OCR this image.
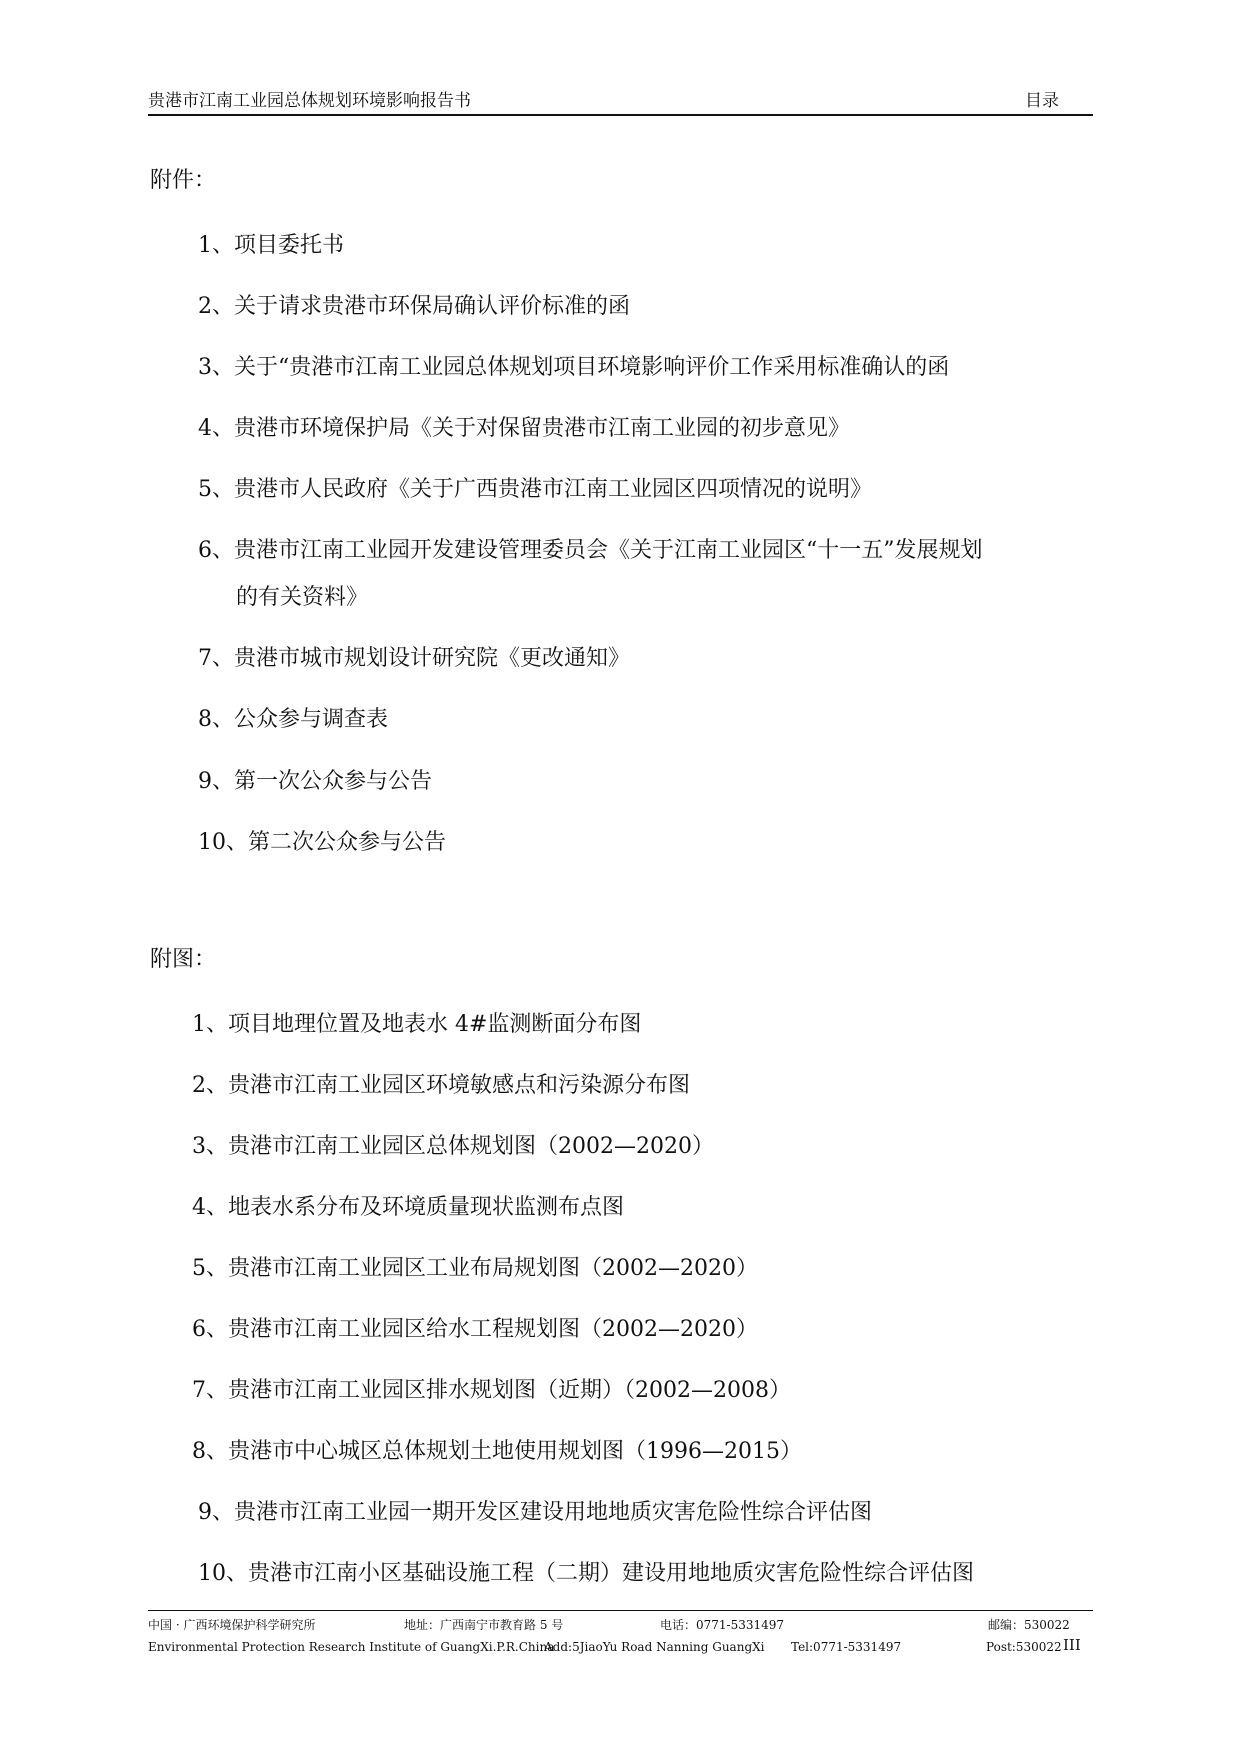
贵港市江南工业园总体规划环境影响报告书	目录
附件：
1、项目委托书
2、关于请求贵港市环保局确认评价标准的函
3、关于“贵港市江南工业园总体规划项目环境影响评价工作采用标准确认的函
4、贵港市环境保护局《关于对保留贵港市江南工业园的初步意见》
5、贵港市人民政府《关于广西贵港市江南工业园区四项情况的说明》
6、贵港市江南工业园开发建设管理委员会《关于江南工业园区“十一五”发展规划
的有关资料》
7、贵港市城市规划设计研究院《更改通知》
8、公众参与调查表
9、第一次公众参与公告
10、第二次公众参与公告
附图：
1、项目地理位置及地表水 4#监测断面分布图
2、贵港市江南工业园区环境敏感点和污染源分布图
3、贵港市江南工业园区总体规划图（2002—2020）
4、地表水系分布及环境质量现状监测布点图
5、贵港市江南工业园区工业布局规划图（2002—2020）
6、贵港市江南工业园区给水工程规划图（2002—2020）
7、贵港市江南工业园区排水规划图（近期）（2002—2008）
8、贵港市中心城区总体规划土地使用规划图（1996—2015）
9、贵港市江南工业园一期开发区建设用地地质灾害危险性综合评估图
10、贵港市江南小区基础设施工程（二期）建设用地地质灾害危险性综合评估图
中国 · 广西环境保护科学研究所	地址：广西南宁市教育路 5 号	电话：0771-5331497	邮编：530022
Environmental Protection Research Institute of GuangXi.P.R.China
Add:5JiaoYu Road Nanning GuangXi Tel:0771-5331497	Post:530022 III
